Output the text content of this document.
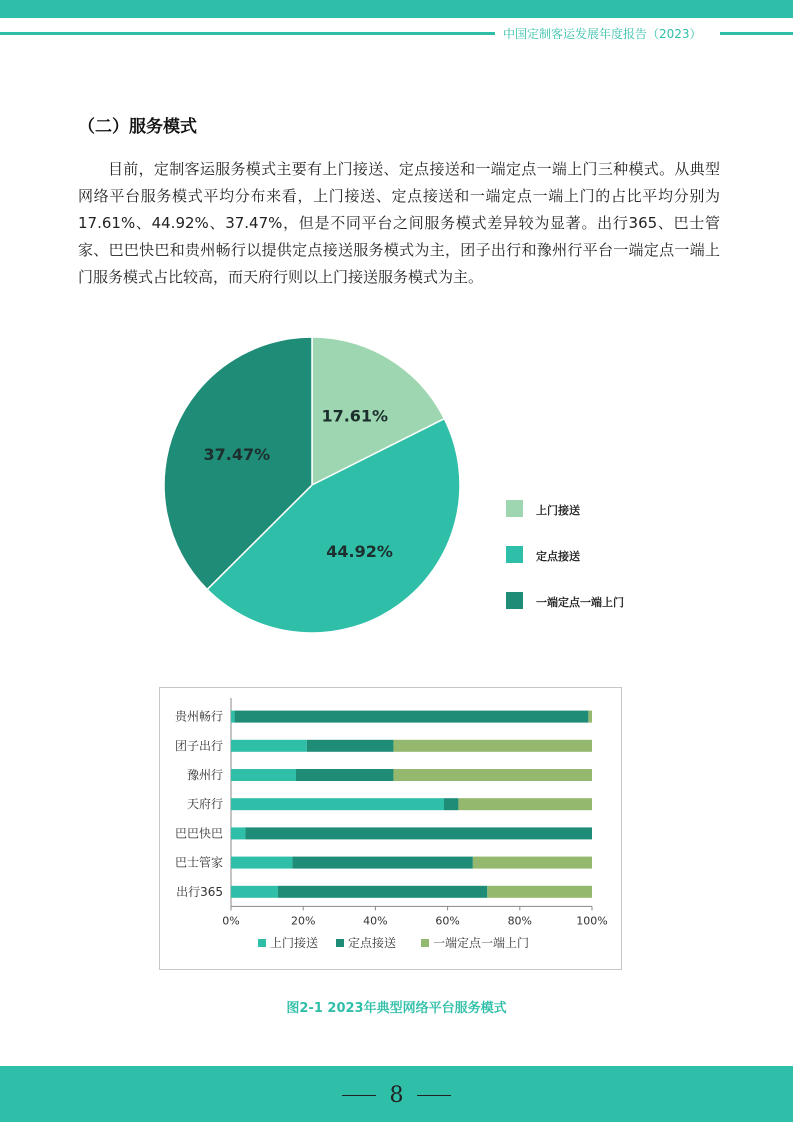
中国定制客运发展年度报告（2023）
（二）服务模式
目前，定制客运服务模式主要有上门接送、定点接送和一端定点一端上门三种模式。从典型网络平台服务模式平均分布来看，上门接送、定点接送和一端定点一端上门的占比平均分别为17.61%、44.92%、37.47%，但是不同平台之间服务模式差异较为显著。出行365、巴士管家、巴巴快巴和贵州畅行以提供定点接送服务模式为主，团子出行和豫州行平台一端定点一端上门服务模式占比较高，而天府行则以上门接送服务模式为主。
17.61%
44.92%
37.47%
上门接送
定点接送
一端定点一端上门
贵州畅行
团子出行
豫州行
天府行
巴巴快巴
巴士管家
出行365
0%	20%	40%	60%	80%	100%
上门接送 定点接送	一端定点一端上门
图2-1 2023年典型网络平台服务模式
8
